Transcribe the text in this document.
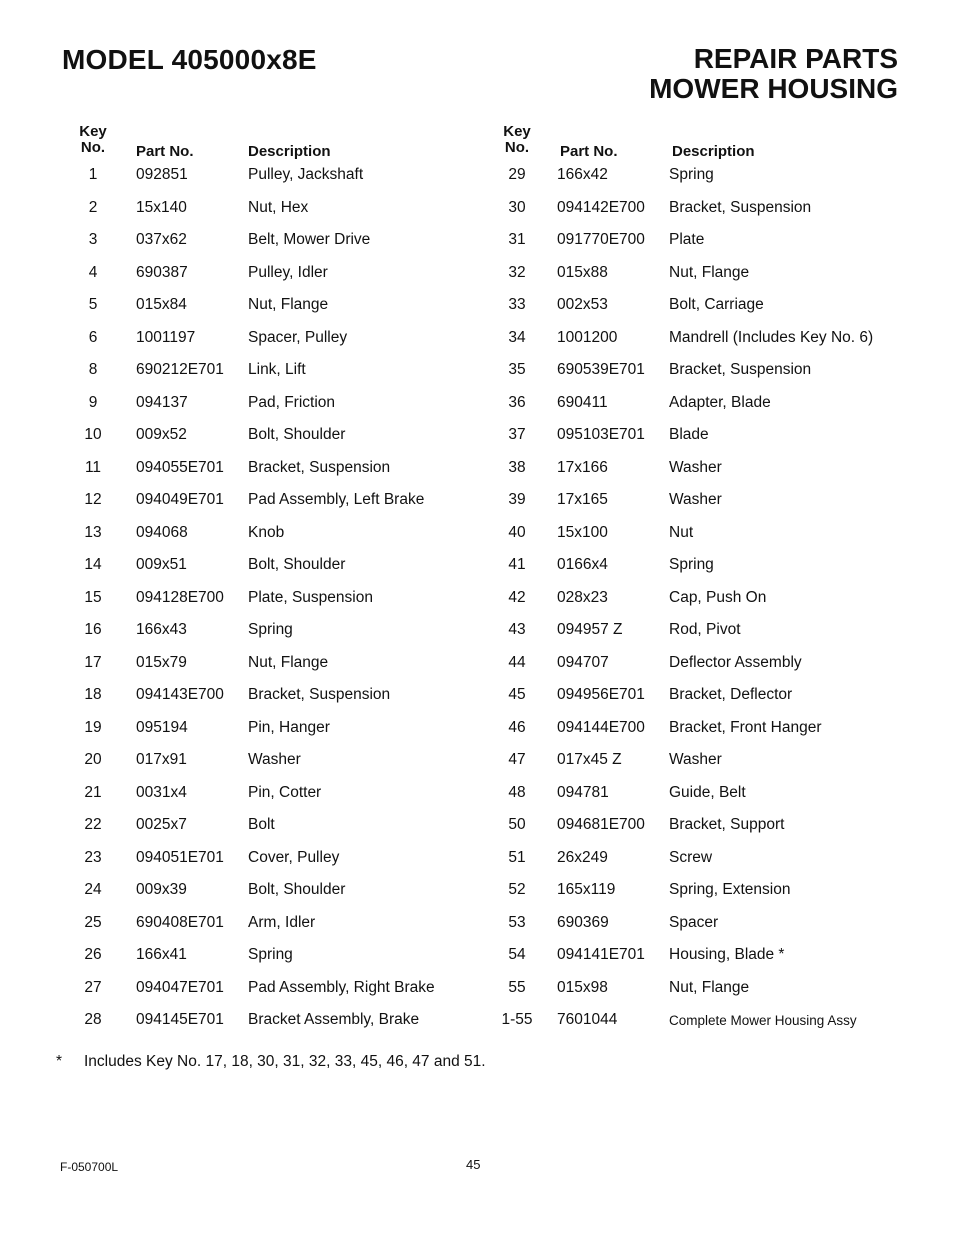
MODEL 405000x8E	REPAIR PARTS
MOWER HOUSING
Key
No.	Part No.	Description
1	092851	Pulley, Jackshaft
2	15x140	Nut, Hex
3	037x62	Belt, Mower Drive
4	690387	Pulley, Idler
5	015x84	Nut, Flange
6	1001197	Spacer, Pulley
8	690212E701 Link, Lift
9	094137	Pad, Friction
10	009x52	Bolt, Shoulder
11	094055E701 Bracket, Suspension
12	094049E701 Pad Assembly, Left Brake
13	094068	Knob
14	009x51	Bolt, Shoulder
15	094128E700 Plate, Suspension
16	166x43	Spring
17	015x79	Nut, Flange
18	094143E700 Bracket, Suspension
19	095194	Pin, Hanger
20	017x91	Washer
21	0031x4	Pin, Cotter
22	0025x7	Bolt
23	094051E701 Cover, Pulley
24	009x39	Bolt, Shoulder
25	690408E701 Arm, Idler
26	166x41	Spring
27	094047E701 Pad Assembly, Right Brake
28	094145E701 Bracket Assembly, Brake
Key
No.	Part No.	Description
29	166x42	Spring
30	094142E700 Bracket, Suspension
31	091770E700 Plate
32	015x88	Nut, Flange
33	002x53	Bolt, Carriage
34	1001200	Mandrell (Includes Key No. 6)
35	690539E701 Bracket, Suspension
36	690411	Adapter, Blade
37	095103E701 Blade
38	17x166	Washer
39	17x165	Washer
40	15x100	Nut
41	0166x4	Spring
42	028x23	Cap, Push On
43	094957 Z	Rod, Pivot
44	094707	Deflector Assembly
45	094956E701 Bracket, Deflector
46	094144E700 Bracket, Front Hanger
47	017x45 Z	Washer
48	094781	Guide, Belt
50	094681E700 Bracket, Support
51	26x249	Screw
52	165x119	Spring, Extension
53	690369	Spacer
54	094141E701 Housing, Blade *
55	015x98	Nut, Flange
1-55	7601044	Complete Mower Housing Assy
* Includes Key No. 17, 18, 30, 31, 32, 33, 45, 46, 47 and 51.
F-050700L	45
